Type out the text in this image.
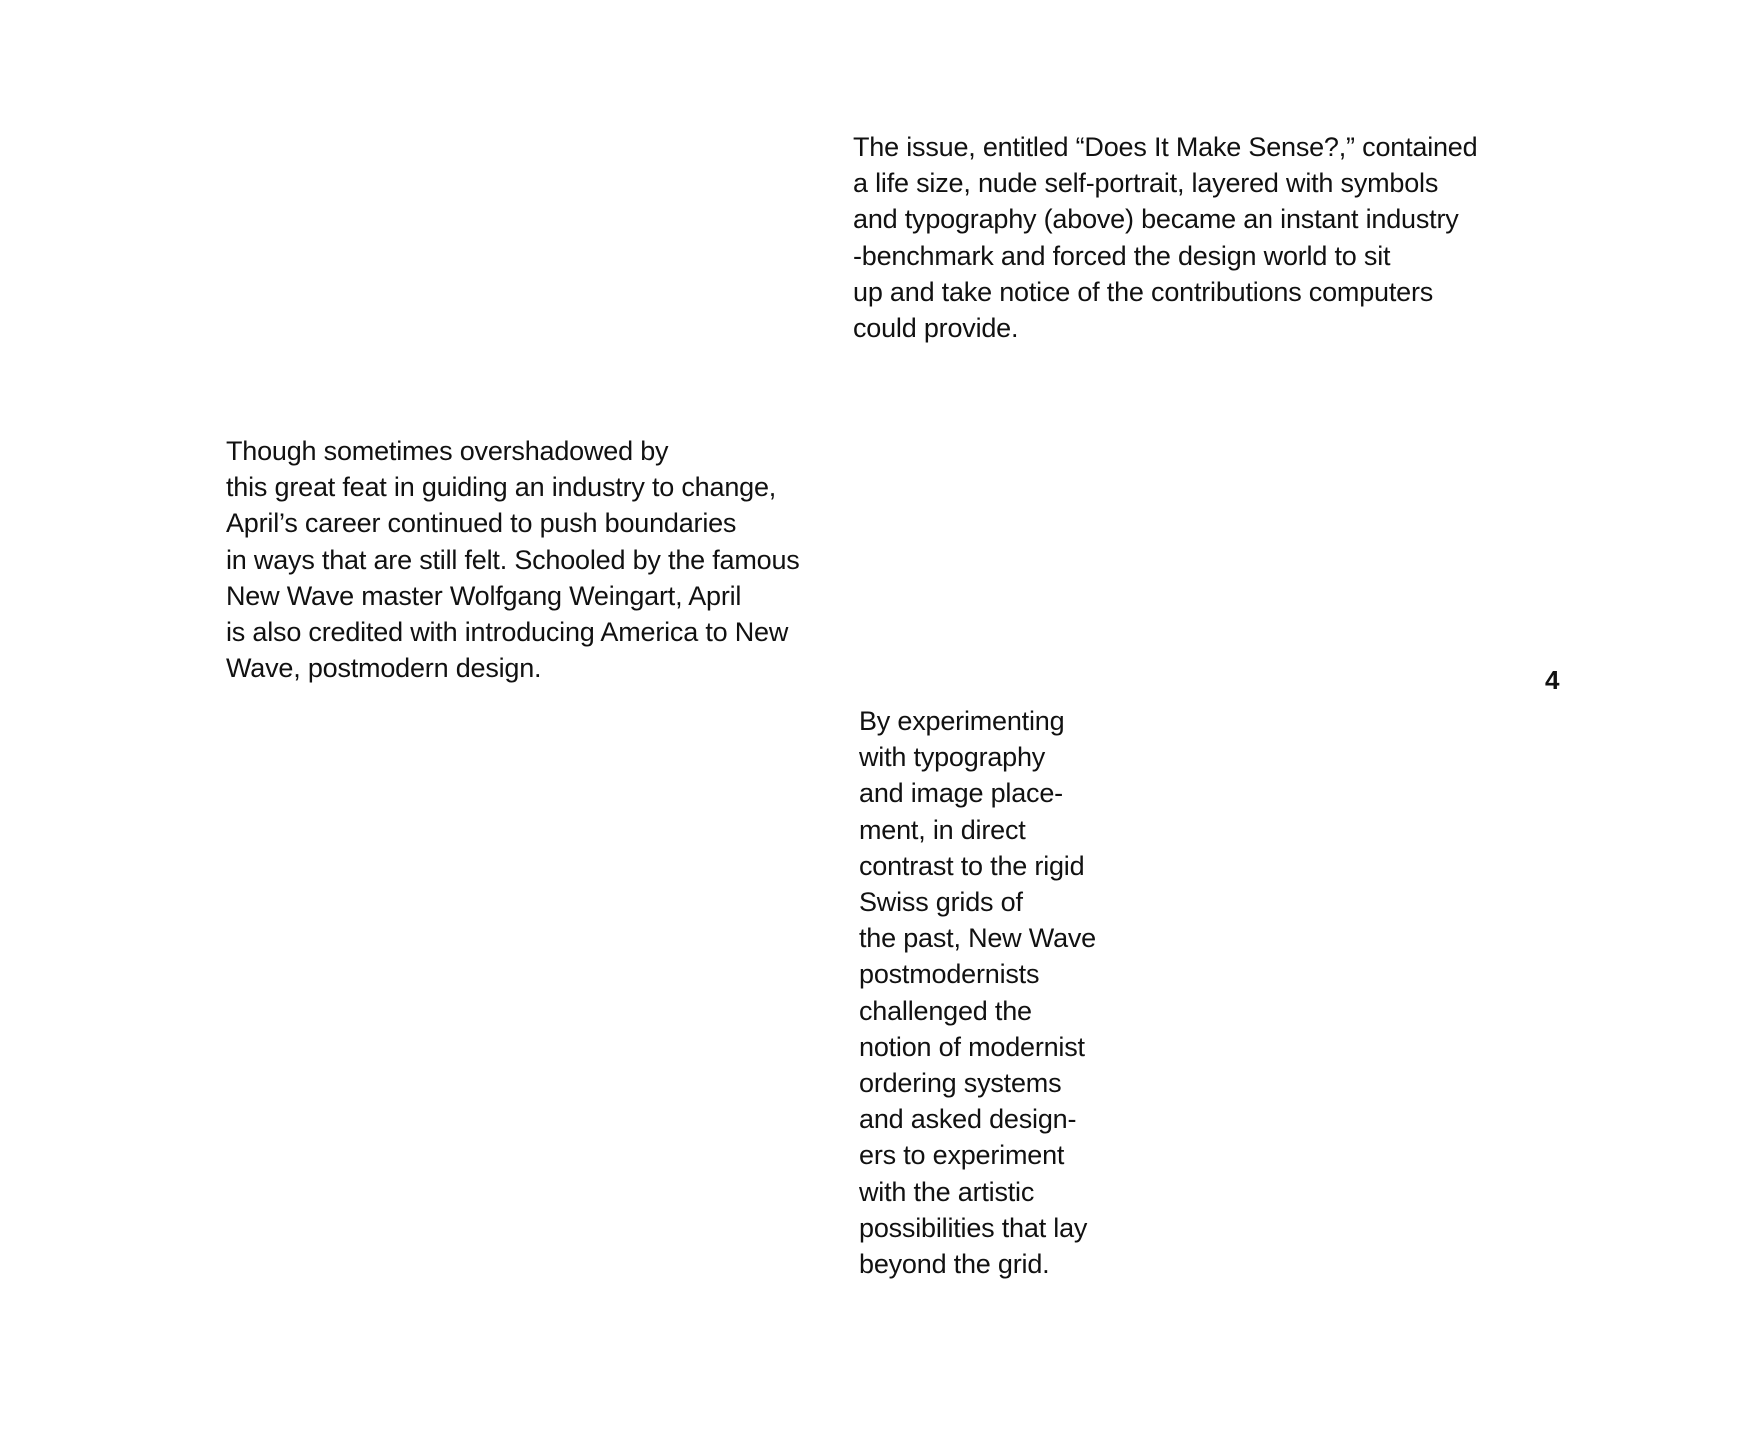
The issue, entitled “Does It Make Sense?,” contained
a life size, nude self-portrait, layered with symbols
and typography (above) became an instant industry
-benchmark and forced the design world to sit
up and take notice of the contributions computers
could provide.

Though sometimes overshadowed by
this great feat in guiding an industry to change,
April’s career continued to push boundaries
in ways that are still felt. Schooled by the famous
New Wave master Wolfgang Weingart, April
is also credited with introducing America to New
Wave, postmodern design.

By experimenting
with typography
and image place-
ment, in direct
contrast to the rigid
Swiss grids of
the past, New Wave
postmodernists
challenged the
notion of modernist
ordering systems
and asked design-
ers to experiment
with the artistic
possibilities that lay
beyond the grid.

4
